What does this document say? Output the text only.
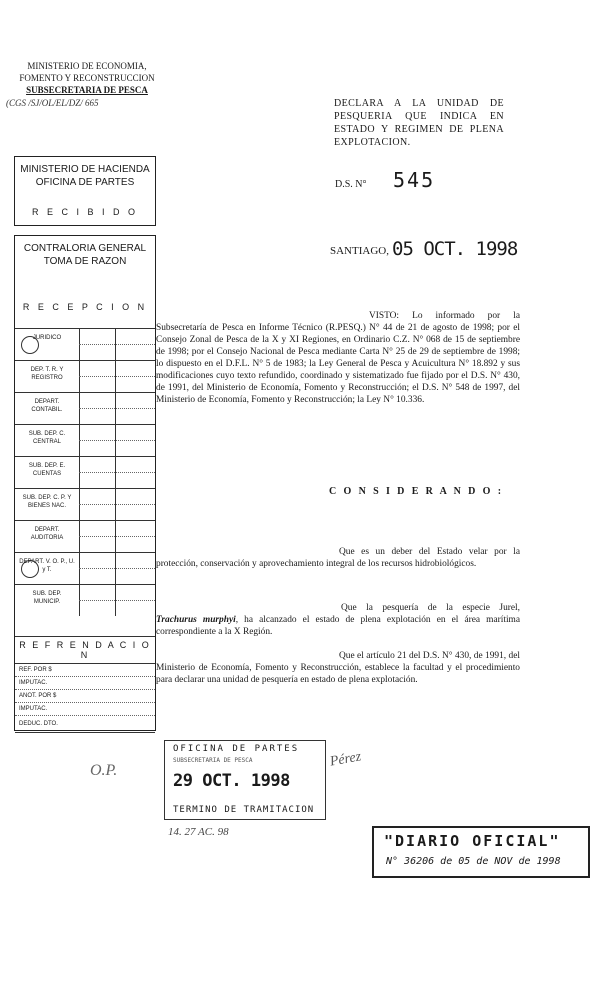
MINISTERIO DE ECONOMIA,
FOMENTO Y RECONSTRUCCION
SUBSECRETARIA DE PESCA
(CGS /SJ/OL/EL/DZ/ 665	DECLARA A LA UNIDAD DE PESQUERIA QUE INDICA EN ESTADO Y REGIMEN DE PLENA EXPLOTACION.
D.S. N° 545
SANTIAGO, 05 OCT. 1998
MINISTERIO DE HACIENDA
OFICINA DE PARTES
R E C I B I D O
CONTRALORIA GENERAL
TOMA DE RAZON
R E C E P C I O N
JURIDICO
DEP. T. R. Y REGISTRO
DEPART. CONTABIL.
SUB. DEP. C. CENTRAL
SUB. DEP. E. CUENTAS
SUB. DEP. C. P. Y BIENES NAC.
DEPART. AUDITORIA
DEPART. V. O. P., U. y T.
SUB. DEP. MUNICIP.
R E F R E N D A C I O N
REF. POR $
IMPUTAC.
ANOT. POR $
IMPUTAC.
DEDUC. DTO.
VISTO: Lo informado por la Subsecretaría de Pesca en Informe Técnico (R.PESQ.) N° 44 de 21 de agosto de 1998; por el Consejo Zonal de Pesca de la X y XI Regiones, en Ordinario C.Z. N° 068 de 15 de septiembre de 1998; por el Consejo Nacional de Pesca mediante Carta N° 25 de 29 de septiembre de 1998; lo dispuesto en el D.F.L. N° 5 de 1983; la Ley General de Pesca y Acuicultura N° 18.892 y sus modificaciones cuyo texto refundido, coordinado y sistematizado fue fijado por el D.S. N° 430, de 1991, del Ministerio de Economía, Fomento y Reconstrucción; el D.S. N° 548 de 1997, del Ministerio de Economía, Fomento y Reconstrucción; la Ley N° 10.336.
C O N S I D E R A N D O :
Que es un deber del Estado velar por la protección, conservación y aprovechamiento integral de los recursos hidrobiológicos.
Que la pesquería de la especie Jurel, Trachurus murphyi, ha alcanzado el estado de plena explotación en el área marítima correspondiente a la X Región.
Que el artículo 21 del D.S. N° 430, de 1991, del Ministerio de Economía, Fomento y Reconstrucción, establece la facultad y el procedimiento para declarar una unidad de pesquería en estado de plena explotación.
O.P.
OFICINA DE PARTES
SUBSECRETARIA DE PESCA
29 OCT. 1998
TERMINO DE TRAMITACION
Pérez
14. 27 AC. 98	"DIARIO OFICIAL"
N° 36206 de 05 de NOV de 1998
